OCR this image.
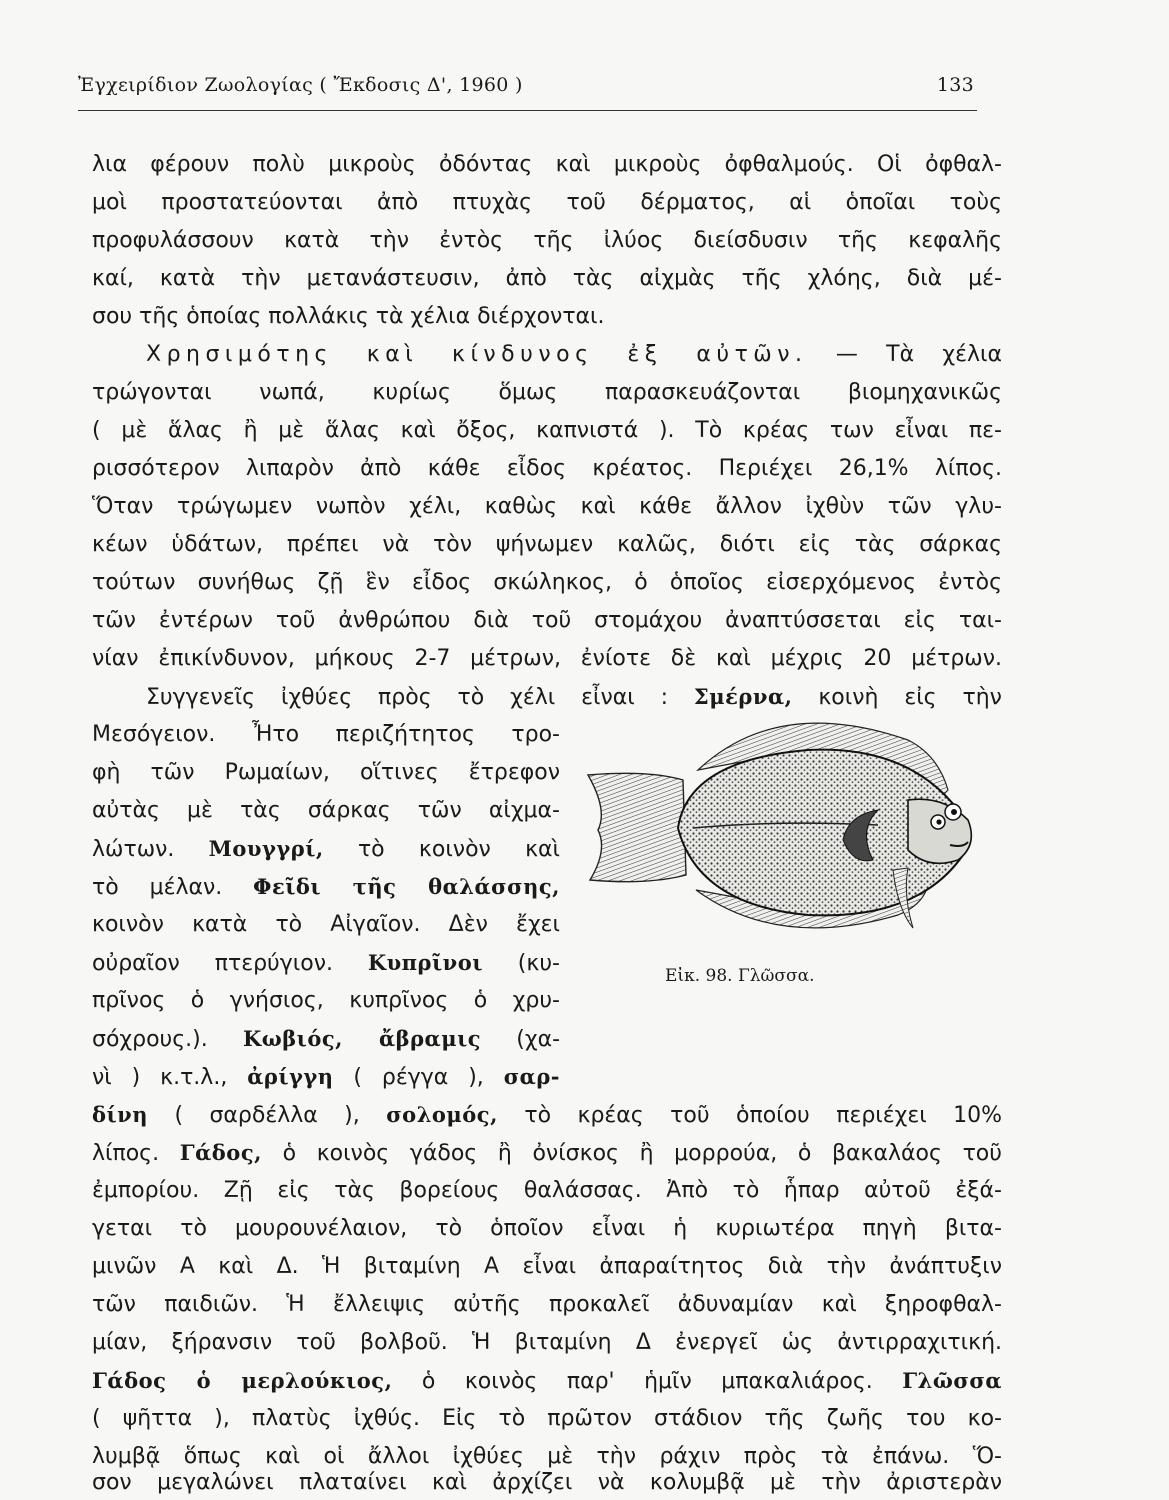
Ἐγχειρίδιον Ζωολογίας ( Ἔκδοσις Δ', 1960 )	133
λια φέρουν πολὺ μικροὺς ὀδόντας καὶ μικροὺς ὀφθαλμούς. Οἱ ὀφθαλ-
μοὶ προστατεύονται ἀπὸ πτυχὰς τοῦ δέρματος, αἱ ὁποῖαι τοὺς
προφυλάσσουν κατὰ τὴν ἐντὸς τῆς ἰλύος διείσδυσιν τῆς κεφαλῆς
καί, κατὰ τὴν μετανάστευσιν, ἀπὸ τὰς αἰχμὰς τῆς χλόης, διὰ μέ-
σου τῆς ὁποίας πολλάκις τὰ χέλια διέρχονται.
Χρησιμότης καὶ κίνδυνος ἐξ αὐτῶν. — Τὰ χέλια
τρώγονται νωπά, κυρίως ὅμως παρασκευάζονται βιομηχανικῶς
( μὲ ἅλας ἢ μὲ ἅλας καὶ ὄξος, καπνιστά ). Τὸ κρέας των εἶναι πε-
ρισσότερον λιπαρὸν ἀπὸ κάθε εἶδος κρέατος. Περιέχει 26,1% λίπος.
Ὅταν τρώγωμεν νωπὸν χέλι, καθὼς καὶ κάθε ἄλλον ἰχθὺν τῶν γλυ-
κέων ὑδάτων, πρέπει νὰ τὸν ψήνωμεν καλῶς, διότι εἰς τὰς σάρκας
τούτων συνήθως ζῇ ἓν εἶδος σκώληκος, ὁ ὁποῖος εἰσερχόμενος ἐντὸς
τῶν ἐντέρων τοῦ ἀνθρώπου διὰ τοῦ στομάχου ἀναπτύσσεται εἰς ται-
νίαν ἐπικίνδυνον, μήκους 2-7 μέτρων, ἐνίοτε δὲ καὶ μέχρις 20 μέτρων.
Συγγενεῖς ἰχθύες πρὸς τὸ χέλι εἶναι : Σμέρνα, κοινὴ εἰς τὴν
Μεσόγειον. Ἦτο περιζήτητος τρο-
φὴ τῶν Ρωμαίων, οἵτινες ἔτρεφον
αὐτὰς μὲ τὰς σάρκας τῶν αἰχμα-
λώτων. Μουγγρί, τὸ κοινὸν καὶ
τὸ μέλαν. Φεῖδι τῆς θαλάσσης,
κοινὸν κατὰ τὸ Αἰγαῖον. Δὲν ἔχει
οὐραῖον πτερύγιον. Κυπρῖνοι (κυ-
πρῖνος ὁ γνήσιος, κυπρῖνος ὁ χρυ-
σόχρους.). Κωβιός, ἄβραμις (χα-
νὶ ) κ.τ.λ., ἀρίγγη ( ρέγγα ), σαρ-
δίνη ( σαρδέλλα ), σολομός, τὸ κρέας τοῦ ὁποίου περιέχει 10%
λίπος. Γάδος, ὁ κοινὸς γάδος ἢ ὀνίσκος ἢ μορρούα, ὁ βακαλάος τοῦ
ἐμπορίου. Ζῇ εἰς τὰς βορείους θαλάσσας. Ἀπὸ τὸ ἧπαρ αὐτοῦ ἐξά-
γεται τὸ μουρουνέλαιον, τὸ ὁποῖον εἶναι ἡ κυριωτέρα πηγὴ βιτα-
μινῶν Α καὶ Δ. Ἡ βιταμίνη Α εἶναι ἀπαραίτητος διὰ τὴν ἀνάπτυξιν
τῶν παιδιῶν. Ἡ ἔλλειψις αὐτῆς προκαλεῖ ἀδυναμίαν καὶ ξηροφθαλ-
μίαν, ξήρανσιν τοῦ βολβοῦ. Ἡ βιταμίνη Δ ἐνεργεῖ ὡς ἀντιρραχιτική.
Γάδος ὁ μερλούκιος, ὁ κοινὸς παρ' ἡμῖν μπακαλιάρος. Γλῶσσα
( ψῆττα ), πλατὺς ἰχθύς. Εἰς τὸ πρῶτον στάδιον τῆς ζωῆς του κο-
λυμβᾷ ὅπως καὶ οἱ ἄλλοι ἰχθύες μὲ τὴν ράχιν πρὸς τὰ ἐπάνω. Ὅ-
σον μεγαλώνει πλαταίνει καὶ ἀρχίζει νὰ κολυμβᾷ μὲ τὴν ἀριστερὰν
Εἰκ. 98. Γλῶσσα.
